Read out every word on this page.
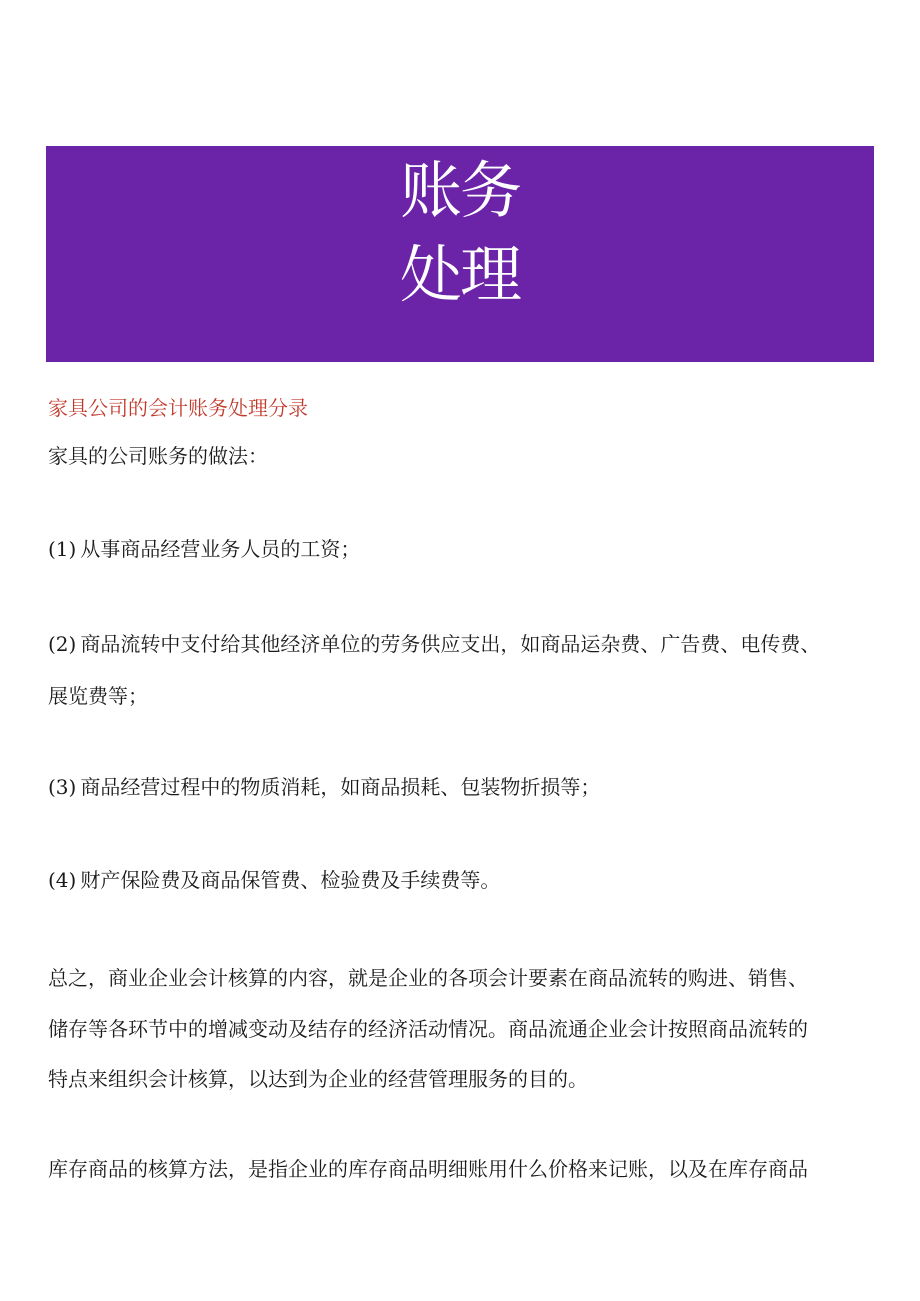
账务
处理
家具公司的会计账务处理分录
家具的公司账务的做法：
(1) 从事商品经营业务人员的工资；
(2) 商品流转中支付给其他经济单位的劳务供应支出，如商品运杂费、广告费、电传费、
展览费等；
(3) 商品经营过程中的物质消耗，如商品损耗、包装物折损等；
(4) 财产保险费及商品保管费、检验费及手续费等。
总之，商业企业会计核算的内容，就是企业的各项会计要素在商品流转的购进、销售、
储存等各环节中的增减变动及结存的经济活动情况。商品流通企业会计按照商品流转的
特点来组织会计核算，以达到为企业的经营管理服务的目的。
库存商品的核算方法，是指企业的库存商品明细账用什么价格来记账，以及在库存商品
